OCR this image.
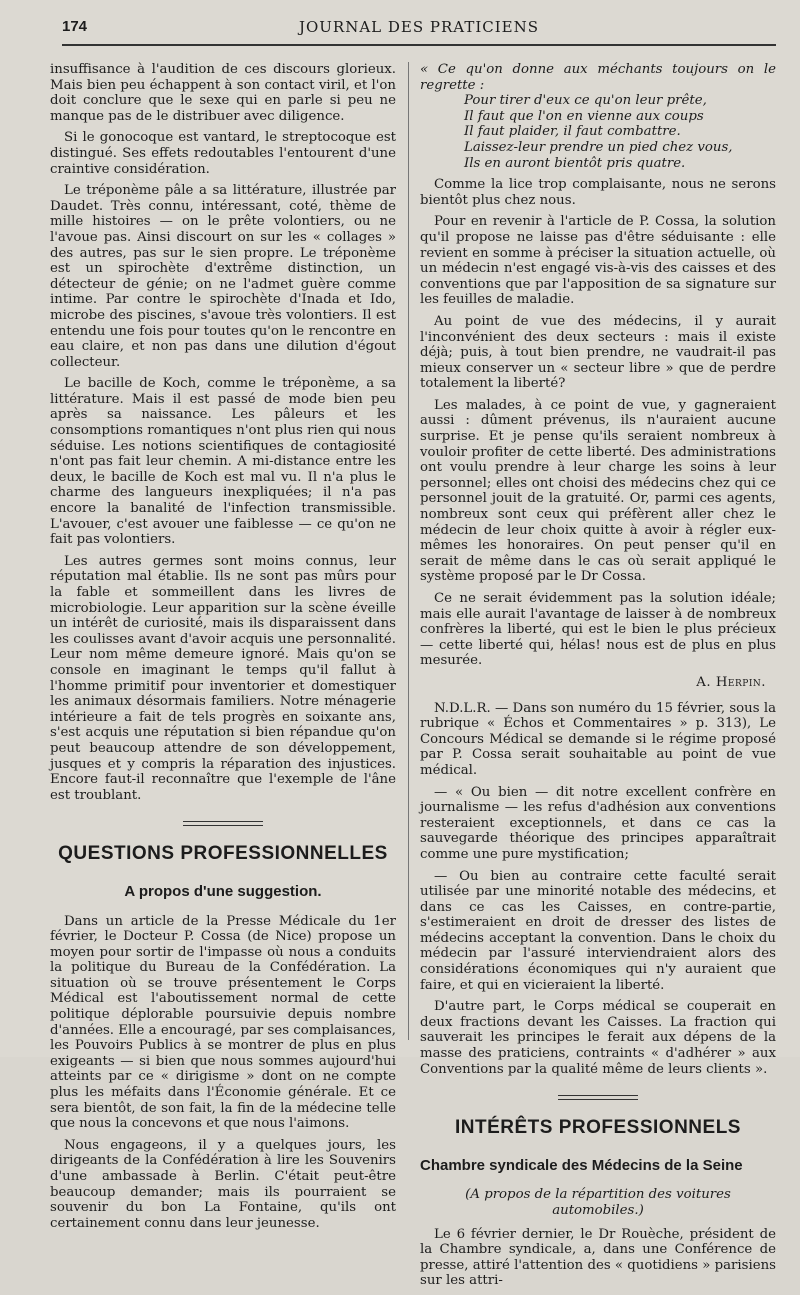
174	JOURNAL DES PRATICIENS

insuffisance à l'audition de ces discours glorieux. Mais bien peu échappent à son contact viril, et l'on doit conclure que le sexe qui en parle si peu ne manque pas de le distribuer avec diligence.

Si le gonocoque est vantard, le streptocoque est distingué. Ses effets redoutables l'entourent d'une craintive considération.

Le tréponème pâle a sa littérature, illustrée par Daudet. Très connu, intéressant, coté, thème de mille histoires — on le prête volontiers, ou ne l'avoue pas. Ainsi discourt on sur les « collages » des autres, pas sur le sien propre. Le tréponème est un spirochète d'extrême distinction, un détecteur de génie; on ne l'admet guère comme intime. Par contre le spirochète d'Inada et Ido, microbe des piscines, s'avoue très volontiers. Il est entendu une fois pour toutes qu'on le rencontre en eau claire, et non pas dans une dilution d'égout collecteur.

Le bacille de Koch, comme le tréponème, a sa littérature. Mais il est passé de mode bien peu après sa naissance. Les pâleurs et les consomptions romantiques n'ont plus rien qui nous séduise. Les notions scientifiques de contagiosité n'ont pas fait leur chemin. A mi-distance entre les deux, le bacille de Koch est mal vu. Il n'a plus le charme des langueurs inexpliquées; il n'a pas encore la banalité de l'infection transmissible. L'avouer, c'est avouer une faiblesse — ce qu'on ne fait pas volontiers.

Les autres germes sont moins connus, leur réputation mal établie. Ils ne sont pas mûrs pour la fable et sommeillent dans les livres de microbiologie. Leur apparition sur la scène éveille un intérêt de curiosité, mais ils disparaissent dans les coulisses avant d'avoir acquis une personnalité. Leur nom même demeure ignoré. Mais qu'on se console en imaginant le temps qu'il fallut à l'homme primitif pour inventorier et domestiquer les animaux désormais familiers. Notre ménagerie intérieure a fait de tels progrès en soixante ans, s'est acquis une réputation si bien répandue qu'on peut beaucoup attendre de son développement, jusques et y compris la réparation des injustices. Encore faut-il reconnaître que l'exemple de l'âne est troublant.

QUESTIONS PROFESSIONNELLES
A propos d'une suggestion.

Dans un article de la Presse Médicale du 1er février, le Docteur P. Cossa (de Nice) propose un moyen pour sortir de l'impasse où nous a conduits la politique du Bureau de la Confédération. La situation où se trouve présentement le Corps Médical est l'aboutissement normal de cette politique déplorable poursuivie depuis nombre d'années. Elle a encouragé, par ses complaisances, les Pouvoirs Publics à se montrer de plus en plus exigeants — si bien que nous sommes aujourd'hui atteints par ce « dirigisme » dont on ne compte plus les méfaits dans l'Économie générale. Et ce sera bientôt, de son fait, la fin de la médecine telle que nous la concevons et que nous l'aimons.

Nous engageons, il y a quelques jours, les dirigeants de la Confédération à lire les Souvenirs d'une ambassade à Berlin. C'était peut-être beaucoup demander; mais ils pourraient se souvenir du bon La Fontaine, qu'ils ont certainement connu dans leur jeunesse.

« Ce qu'on donne aux méchants toujours on le regrette :
Pour tirer d'eux ce qu'on leur prête,
Il faut que l'on en vienne aux coups
Il faut plaider, il faut combattre.
Laissez-leur prendre un pied chez vous,
Ils en auront bientôt pris quatre.

Comme la lice trop complaisante, nous ne serons bientôt plus chez nous.

Pour en revenir à l'article de P. Cossa, la solution qu'il propose ne laisse pas d'être séduisante : elle revient en somme à préciser la situation actuelle, où un médecin n'est engagé vis-à-vis des caisses et des conventions que par l'apposition de sa signature sur les feuilles de maladie.

Au point de vue des médecins, il y aurait l'inconvénient des deux secteurs : mais il existe déjà; puis, à tout bien prendre, ne vaudrait-il pas mieux conserver un « secteur libre » que de perdre totalement la liberté?

Les malades, à ce point de vue, y gagneraient aussi : dûment prévenus, ils n'auraient aucune surprise. Et je pense qu'ils seraient nombreux à vouloir profiter de cette liberté. Des administrations ont voulu prendre à leur charge les soins à leur personnel; elles ont choisi des médecins chez qui ce personnel jouit de la gratuité. Or, parmi ces agents, nombreux sont ceux qui préfèrent aller chez le médecin de leur choix quitte à avoir à régler eux-mêmes les honoraires. On peut penser qu'il en serait de même dans le cas où serait appliqué le système proposé par le Dr Cossa.

Ce ne serait évidemment pas la solution idéale; mais elle aurait l'avantage de laisser à de nombreux confrères la liberté, qui est le bien le plus précieux — cette liberté qui, hélas! nous est de plus en plus mesurée.

A. Herpin.

N.D.L.R. — Dans son numéro du 15 février, sous la rubrique « Échos et Commentaires » p. 313), Le Concours Médical se demande si le régime proposé par P. Cossa serait souhaitable au point de vue médical.

— « Ou bien — dit notre excellent confrère en journalisme — les refus d'adhésion aux conventions resteraient exceptionnels, et dans ce cas la sauvegarde théorique des principes apparaîtrait comme une pure mystification;

— Ou bien au contraire cette faculté serait utilisée par une minorité notable des médecins, et dans ce cas les Caisses, en contre-partie, s'estimeraient en droit de dresser des listes de médecins acceptant la convention. Dans le choix du médecin par l'assuré interviendraient alors des considérations économiques qui n'y auraient que faire, et qui en vicieraient la liberté.

D'autre part, le Corps médical se couperait en deux fractions devant les Caisses. La fraction qui sauverait les principes le ferait aux dépens de la masse des praticiens, contraints « d'adhérer » aux Conventions par la qualité même de leurs clients ».

INTÉRÊTS PROFESSIONNELS
Chambre syndicale des Médecins de la Seine
(A propos de la répartition des voitures automobiles.)

Le 6 février dernier, le Dr Rouèche, président de la Chambre syndicale, a, dans une Conférence de presse, attiré l'attention des « quotidiens » parisiens sur les attri-
